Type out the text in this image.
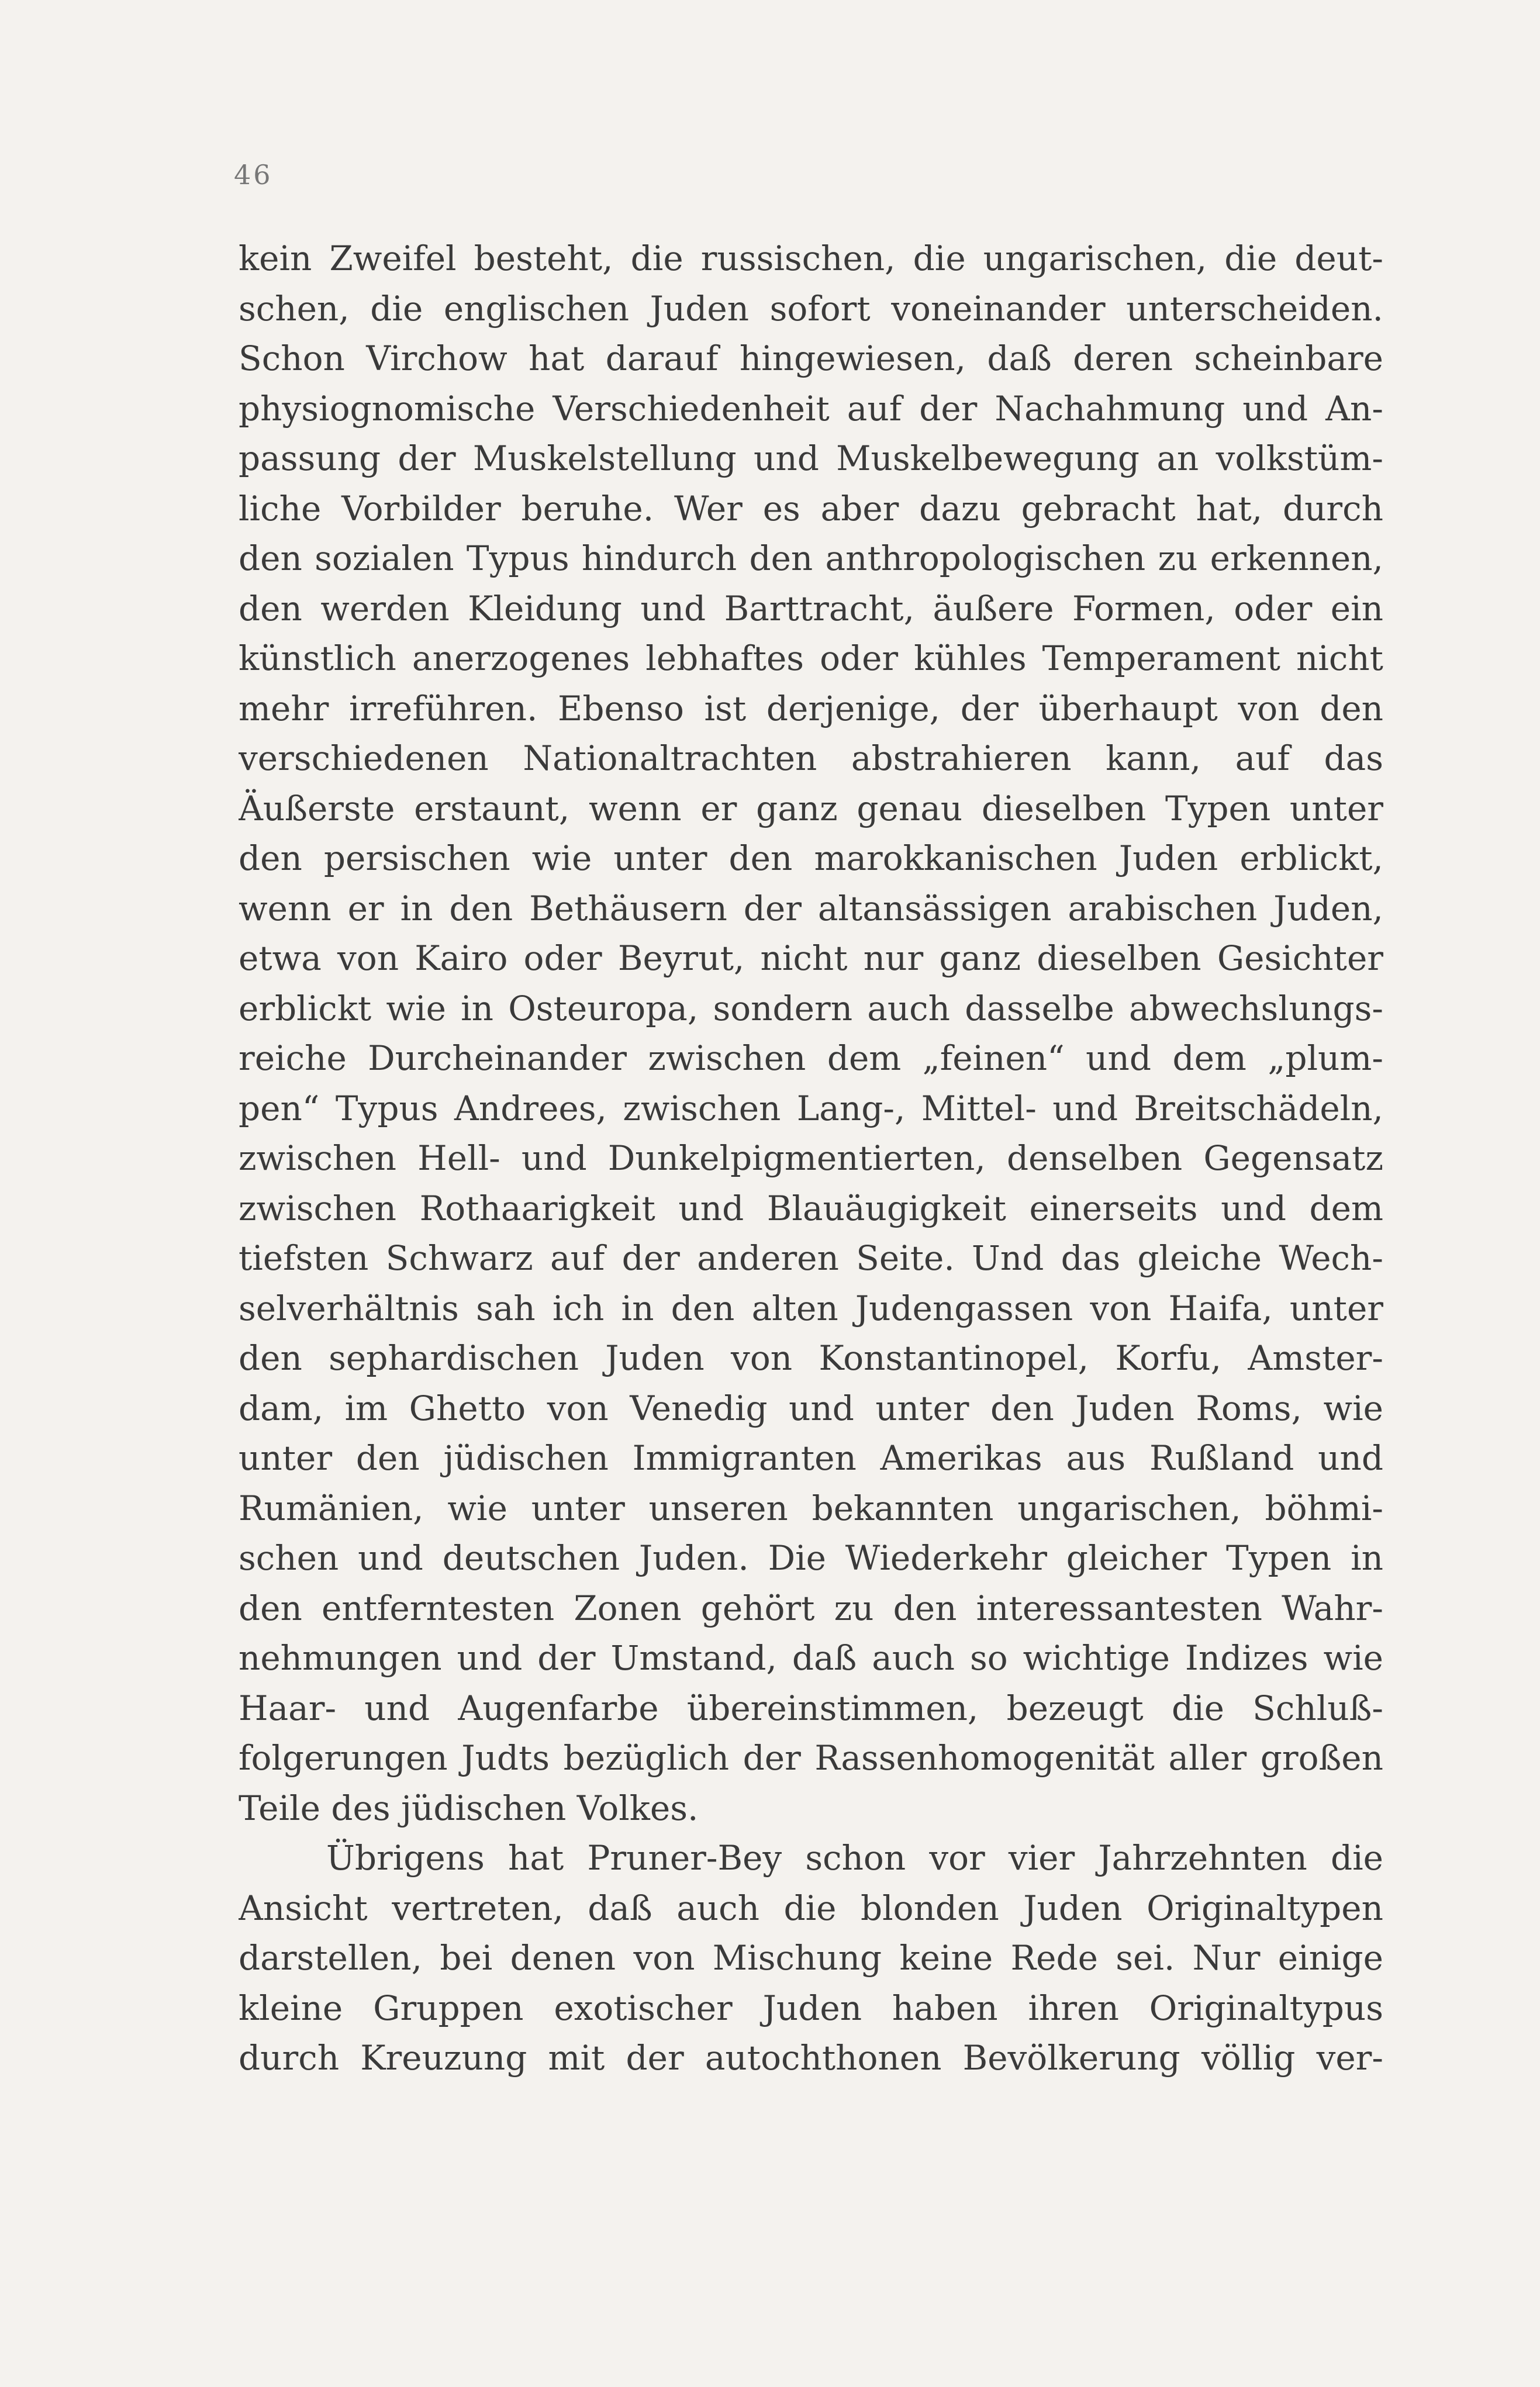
46
kein Zweifel besteht, die russischen, die ungarischen, die deut-
schen, die englischen Juden sofort voneinander unterscheiden.
Schon Virchow hat darauf hingewiesen, daß deren scheinbare
physiognomische Verschiedenheit auf der Nachahmung und An-
passung der Muskelstellung und Muskelbewegung an volkstüm-
liche Vorbilder beruhe. Wer es aber dazu gebracht hat, durch
den sozialen Typus hindurch den anthropologischen zu erkennen,
den werden Kleidung und Barttracht, äußere Formen, oder ein
künstlich anerzogenes lebhaftes oder kühles Temperament nicht
mehr irreführen. Ebenso ist derjenige, der überhaupt von den
verschiedenen Nationaltrachten abstrahieren kann, auf das
Äußerste erstaunt, wenn er ganz genau dieselben Typen unter
den persischen wie unter den marokkanischen Juden erblickt,
wenn er in den Bethäusern der altansässigen arabischen Juden,
etwa von Kairo oder Beyrut, nicht nur ganz dieselben Gesichter
erblickt wie in Osteuropa, sondern auch dasselbe abwechslungs-
reiche Durcheinander zwischen dem „feinen“ und dem „plum-
pen“ Typus Andrees, zwischen Lang-, Mittel- und Breitschädeln,
zwischen Hell- und Dunkelpigmentierten, denselben Gegensatz
zwischen Rothaarigkeit und Blauäugigkeit einerseits und dem
tiefsten Schwarz auf der anderen Seite. Und das gleiche Wech-
selverhältnis sah ich in den alten Judengassen von Haifa, unter
den sephardischen Juden von Konstantinopel, Korfu, Amster-
dam, im Ghetto von Venedig und unter den Juden Roms, wie
unter den jüdischen Immigranten Amerikas aus Rußland und
Rumänien, wie unter unseren bekannten ungarischen, böhmi-
schen und deutschen Juden. Die Wiederkehr gleicher Typen in
den entferntesten Zonen gehört zu den interessantesten Wahr-
nehmungen und der Umstand, daß auch so wichtige Indizes wie
Haar- und Augenfarbe übereinstimmen, bezeugt die Schluß-
folgerungen Judts bezüglich der Rassenhomogenität aller großen
Teile des jüdischen Volkes.
Übrigens hat Pruner-Bey schon vor vier Jahrzehnten die
Ansicht vertreten, daß auch die blonden Juden Originaltypen
darstellen, bei denen von Mischung keine Rede sei. Nur einige
kleine Gruppen exotischer Juden haben ihren Originaltypus
durch Kreuzung mit der autochthonen Bevölkerung völlig ver-
